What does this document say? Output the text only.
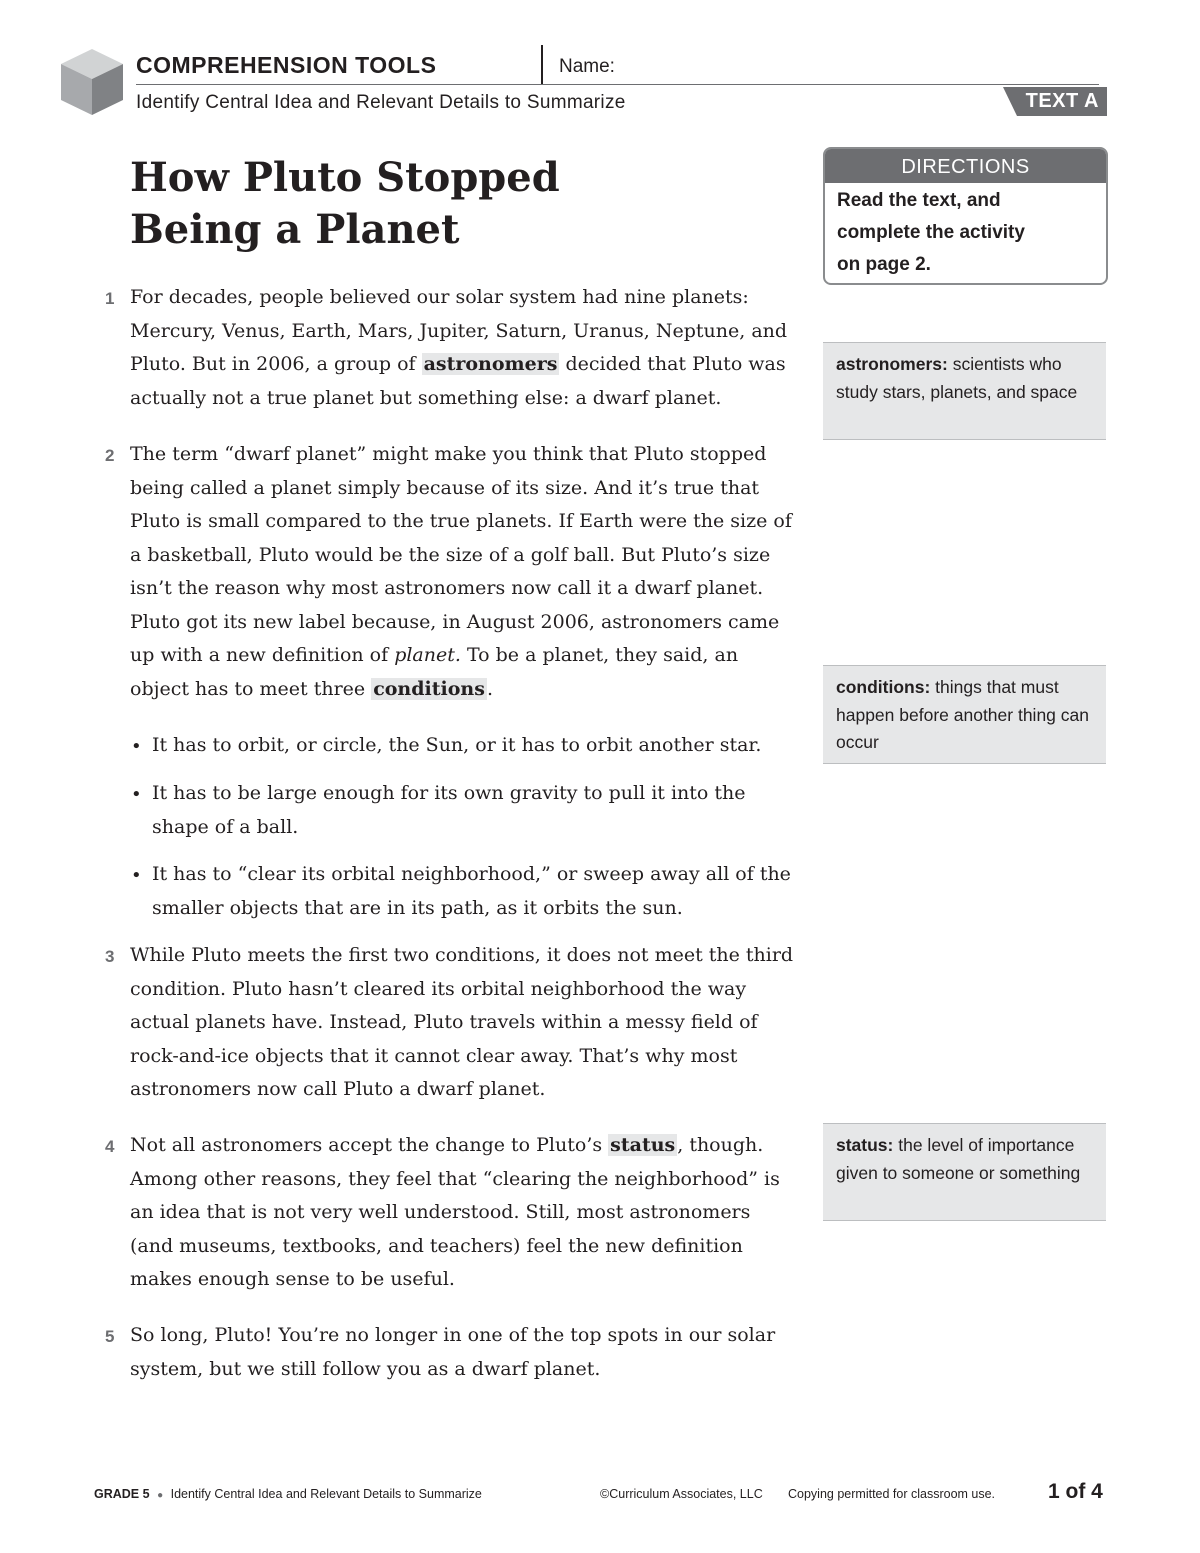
COMPREHENSION TOOLS	Name:
Identify Central Idea and Relevant Details to Summarize	TEXT A
How Pluto Stopped
Being a Planet
DIRECTIONS
Read the text, and
complete the activity
on page 2.
1 For decades, people believed our solar system had nine planets: Mercury, Venus, Earth, Mars, Jupiter, Saturn, Uranus, Neptune, and Pluto. But in 2006, a group of astronomers decided that Pluto was actually not a true planet but something else: a dwarf planet.

2 The term “dwarf planet” might make you think that Pluto stopped being called a planet simply because of its size. And it’s true that Pluto is small compared to the true planets. If Earth were the size of a basketball, Pluto would be the size of a golf ball. But Pluto’s size isn’t the reason why most astronomers now call it a dwarf planet. Pluto got its new label because, in August 2006, astronomers came up with a new definition of planet. To be a planet, they said, an object has to meet three conditions .

• It has to orbit, or circle, the Sun, or it has to orbit another star.

• It has to be large enough for its own gravity to pull it into the shape of a ball.

• It has to “clear its orbital neighborhood,” or sweep away all of the smaller objects that are in its path, as it orbits the sun.

3 While Pluto meets the first two conditions, it does not meet the third condition. Pluto hasn’t cleared its orbital neighborhood the way actual planets have. Instead, Pluto travels within a messy field of rock-and-ice objects that it cannot clear away. That’s why most astronomers now call Pluto a dwarf planet.

4 Not all astronomers accept the change to Pluto’s status , though. Among other reasons, they feel that “clearing the neighborhood” is an idea that is not very well understood. Still, most astronomers (and museums, textbooks, and teachers) feel the new definition makes enough sense to be useful.

5 So long, Pluto! You’re no longer in one of the top spots in our solar system, but we still follow you as a dwarf planet.

astronomers: scientists who study stars, planets, and space
conditions: things that must happen before another thing can occur
status: the level of importance given to someone or something
GRADE 5 ● Identify Central Idea and Relevant Details to Summarize	©Curriculum Associates, LLC Copying permitted for classroom use.	1 of 4
